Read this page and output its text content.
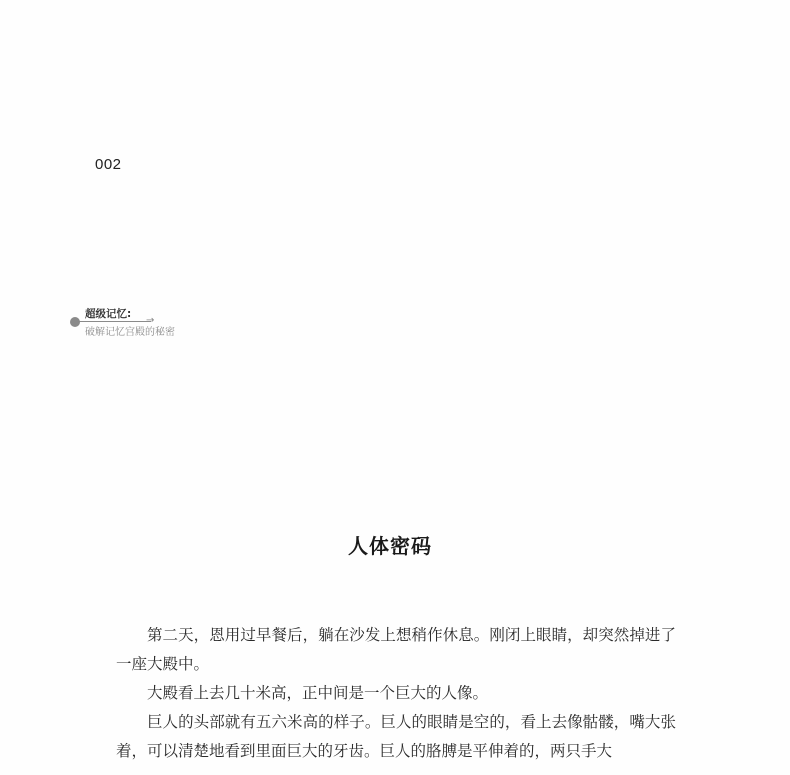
002
→
超级记忆:
破解记忆宫殿的秘密
人体密码

第二天，恩用过早餐后，躺在沙发上想稍作休息。刚闭上眼睛，却突然掉进了一座大殿中。

大殿看上去几十米高，正中间是一个巨大的人像。

巨人的头部就有五六米高的样子。巨人的眼睛是空的，看上去像骷髅，嘴大张着，可以清楚地看到里面巨大的牙齿。巨人的胳膊是平伸着的，两只手大
